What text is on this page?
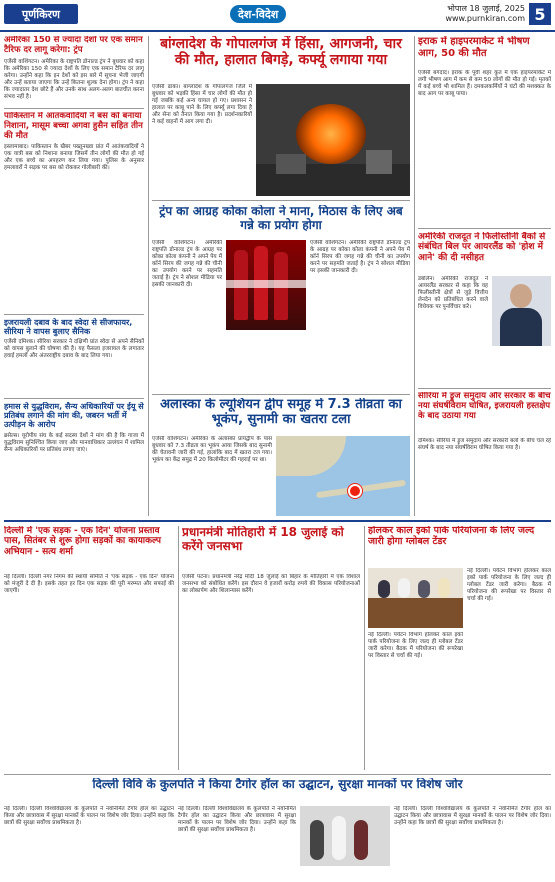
पूर्णकिरण	देश-विदेश	भोपाल 18 जुलाई, 2025
www.purnkiran.com 5
अमेरिका 150 से ज्यादा देशों पर एक समान टैरिफ दर लागू करेगा: ट्रंप
एजेंसी वाशिंगटन। अमेरिका के राष्ट्रपति डोनाल्ड ट्रंप ने बुधवार को कहा कि अमेरिका 150 से ज्यादा देशों के लिए एक समान टैरिफ दर लागू करेगा। उन्होंने कहा कि इन देशों को इस बारे में सूचना भेजी जाएगी और उन्हें बताया जाएगा कि उन्हें कितना शुल्क देना होगा। ट्रंप ने कहा कि ज्यादातर देश छोटे हैं और उनके साथ अलग-अलग बातचीत करना संभव नहीं है।
पाकिस्तान में आतंकवादियों ने बस को बनाया निशाना, मासूम बच्चा अगवा हुसैन सहित तीन की मौत
इस्लामाबाद। पाकिस्तान के खैबर पख्तूनख्वा प्रांत में आतंकवादियों ने एक यात्री बस को निशाना बनाया जिसमें तीन लोगों की मौत हो गई और एक बच्चे का अपहरण कर लिया गया। पुलिस के अनुसार हमलावरों ने सड़क पर बस को रोककर गोलीबारी की।
इजरायली दबाव के बाद स्वेदा से सीजफायर, सीरिया ने वापस बुलाए सैनिक
एजेंसी दमिश्क। सीरिया सरकार ने दक्षिणी प्रांत स्वेदा से अपने सैनिकों को वापस बुलाने की घोषणा की है। यह फैसला इजरायल के लगातार हवाई हमलों और अंतरराष्ट्रीय दबाव के बाद लिया गया।
हमास से युद्धविराम, सैन्य अधिकारियों पर ईयू से प्रतिबंध लगाने की मांग की, जबरन भर्ती में उत्पीड़न के आरोप
ब्रसेल्स। यूरोपीय संघ के कई सदस्य देशों ने मांग की है कि गाजा में युद्धविराम सुनिश्चित किया जाए और मानवाधिकार उल्लंघन में शामिल सैन्य अधिकारियों पर प्रतिबंध लगाए जाएं।
बांग्लादेश के गोपालगंज में हिंसा, आगजनी, चार की मौत, हालात बिगड़े, कर्फ्यू लगाया गया
एजेंसी ढाका। बांग्लादेश के गोपालगंज जिले में बुधवार को भड़की हिंसा में चार लोगों की मौत हो गई जबकि कई अन्य घायल हो गए। प्रशासन ने हालात पर काबू पाने के लिए कर्फ्यू लगा दिया है और सेना को तैनात किया गया है। प्रदर्शनकारियों ने कई वाहनों में आग लगा दी।
ट्रंप का आग्रह कोका कोला ने माना, मिठास के लिए अब गन्ने का प्रयोग होगा
एजेंसी वाशिंगटन। अमेरिकी राष्ट्रपति डोनाल्ड ट्रंप के आग्रह पर कोका कोला कंपनी ने अपने पेय में कॉर्न सिरप की जगह गन्ने की चीनी का उपयोग करने पर सहमति जताई है। ट्रंप ने सोशल मीडिया पर इसकी जानकारी दी।
एजेंसी वाशिंगटन। अमेरिकी राष्ट्रपति डोनाल्ड ट्रंप के आग्रह पर कोका कोला कंपनी ने अपने पेय में कॉर्न सिरप की जगह गन्ने की चीनी का उपयोग करने पर सहमति जताई है। ट्रंप ने सोशल मीडिया पर इसकी जानकारी दी।
इराक में हाइपरमार्केट में भीषण आग, 50 की मौत
एजेंसी बगदाद। इराक के पूर्वी शहर कुत में एक हाइपरमार्केट में लगी भीषण आग में कम से कम 50 लोगों की मौत हो गई। मृतकों में कई बच्चे भी शामिल हैं। दमकलकर्मियों ने घंटों की मशक्कत के बाद आग पर काबू पाया।
अमेरिकी राजदूत ने फिलीस्तीनी बैंकों से संबंधित बिल पर आयरलैंड को 'होश में आने' की दी नसीहत
डबलिन। अमेरिकी राजदूत ने आयरलैंड सरकार से कहा कि वह फिलीस्तीनी क्षेत्रों से जुड़े वित्तीय लेनदेन को प्रतिबंधित करने वाले विधेयक पर पुनर्विचार करे।
सीरिया में ड्रूज समुदाय और सरकार के बीच नया संघर्षविराम घोषित, इजरायली हस्तक्षेप के बाद उठाया गया
दमिश्क। सीरिया में ड्रूज समुदाय और सरकारी बलों के बीच चल रहे संघर्ष के बाद नया संघर्षविराम घोषित किया गया है।
अलास्का के ल्यूशियन द्वीप समूह में 7.3 तीव्रता का भूकंप, सुनामी का खतरा टला
एजेंसी वाशिंगटन। अमेरिका के अलास्का प्रायद्वीप के पास बुधवार को 7.3 तीव्रता का भूकंप आया जिसके बाद सुनामी की चेतावनी जारी की गई, हालांकि बाद में खतरा टल गया। भूकंप का केंद्र समुद्र में 20 किलोमीटर की गहराई पर था।
दिल्ली में 'एक सड़क - एक दिन' योजना प्रस्ताव पास, सितंबर से शुरू होगा सड़कों का कायाकल्प अभियान - सत्य शर्मा
नई दिल्ली। दिल्ली नगर निगम की स्थायी समिति ने 'एक सड़क - एक दिन' योजना को मंजूरी दे दी है। इसके तहत हर दिन एक सड़क की पूरी मरम्मत और सफाई की जाएगी।
प्रधानमंत्री मोतिहारी में 18 जुलाई को करेंगे जनसभा
एजेंसी पटना। प्रधानमंत्री नरेंद्र मोदी 18 जुलाई को बिहार के मोतिहारी में एक विशाल जनसभा को संबोधित करेंगे। इस दौरान वे हजारों करोड़ रुपये की विकास परियोजनाओं का लोकार्पण और शिलान्यास करेंगे।
होलकर काल इको पार्क परियोजना के लिए जल्द जारी होगा ग्लोबल टेंडर
नई दिल्ली। पर्यटन विभाग होलकर काल इको पार्क परियोजना के लिए जल्द ही ग्लोबल टेंडर जारी करेगा। बैठक में परियोजना की रूपरेखा पर विस्तार से चर्चा की गई।
नई दिल्ली। पर्यटन विभाग होलकर काल इको पार्क परियोजना के लिए जल्द ही ग्लोबल टेंडर जारी करेगा। बैठक में परियोजना की रूपरेखा पर विस्तार से चर्चा की गई।
दिल्ली विवि के कुलपति ने किया टैगोर हॉल का उद्घाटन, सुरक्षा मानकों पर विशेष जोर
नई दिल्ली। दिल्ली विश्वविद्यालय के कुलपति ने नवनिर्मित टैगोर हॉल का उद्घाटन किया और छात्रावास में सुरक्षा मानकों के पालन पर विशेष जोर दिया। उन्होंने कहा कि छात्रों की सुरक्षा सर्वोच्च प्राथमिकता है।
नई दिल्ली। दिल्ली विश्वविद्यालय के कुलपति ने नवनिर्मित टैगोर हॉल का उद्घाटन किया और छात्रावास में सुरक्षा मानकों के पालन पर विशेष जोर दिया। उन्होंने कहा कि छात्रों की सुरक्षा सर्वोच्च प्राथमिकता है।
नई दिल्ली। दिल्ली विश्वविद्यालय के कुलपति ने नवनिर्मित टैगोर हॉल का उद्घाटन किया और छात्रावास में सुरक्षा मानकों के पालन पर विशेष जोर दिया। उन्होंने कहा कि छात्रों की सुरक्षा सर्वोच्च प्राथमिकता है।
